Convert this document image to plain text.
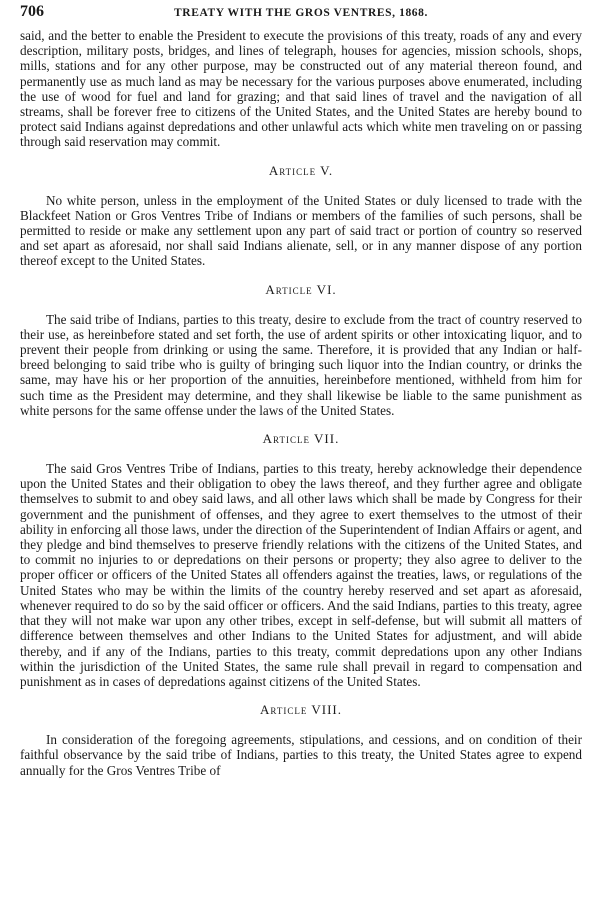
706	TREATY WITH THE GROS VENTRES, 1868.

said, and the better to enable the President to execute the provisions of this treaty, roads of any and every description, military posts, bridges, and lines of telegraph, houses for agencies, mission schools, shops, mills, stations and for any other purpose, may be constructed out of any material thereon found, and permanently use as much land as may be necessary for the various purposes above enumerated, including the use of wood for fuel and land for grazing; and that said lines of travel and the navigation of all streams, shall be forever free to citizens of the United States, and the United States are hereby bound to protect said Indians against depredations and other unlawful acts which white men traveling on or passing through said reservation may commit.

Article V.

No white person, unless in the employment of the United States or duly licensed to trade with the Blackfeet Nation or Gros Ventres Tribe of Indians or members of the families of such persons, shall be permitted to reside or make any settlement upon any part of said tract or portion of country so reserved and set apart as aforesaid, nor shall said Indians alienate, sell, or in any manner dispose of any portion thereof except to the United States.

Article VI.

The said tribe of Indians, parties to this treaty, desire to exclude from the tract of country reserved to their use, as hereinbefore stated and set forth, the use of ardent spirits or other intoxicating liquor, and to prevent their people from drinking or using the same. Therefore, it is provided that any Indian or half-breed belonging to said tribe who is guilty of bringing such liquor into the Indian country, or drinks the same, may have his or her proportion of the annuities, hereinbefore mentioned, withheld from him for such time as the President may determine, and they shall likewise be liable to the same punishment as white persons for the same offense under the laws of the United States.

Article VII.

The said Gros Ventres Tribe of Indians, parties to this treaty, hereby acknowledge their dependence upon the United States and their obligation to obey the laws thereof, and they further agree and obligate themselves to submit to and obey said laws, and all other laws which shall be made by Congress for their government and the punishment of offenses, and they agree to exert themselves to the utmost of their ability in enforcing all those laws, under the direction of the Superintendent of Indian Affairs or agent, and they pledge and bind themselves to preserve friendly relations with the citizens of the United States, and to commit no injuries to or depredations on their persons or property; they also agree to deliver to the proper officer or officers of the United States all offenders against the treaties, laws, or regulations of the United States who may be within the limits of the country hereby reserved and set apart as aforesaid, whenever required to do so by the said officer or officers. And the said Indians, parties to this treaty, agree that they will not make war upon any other tribes, except in self-defense, but will submit all matters of difference between themselves and other Indians to the United States for adjustment, and will abide thereby, and if any of the Indians, parties to this treaty, commit depredations upon any other Indians within the jurisdiction of the United States, the same rule shall prevail in regard to compensation and punishment as in cases of depredations against citizens of the United States.

Article VIII.

In consideration of the foregoing agreements, stipulations, and cessions, and on condition of their faithful observance by the said tribe of Indians, parties to this treaty, the United States agree to expend annually for the Gros Ventres Tribe of
